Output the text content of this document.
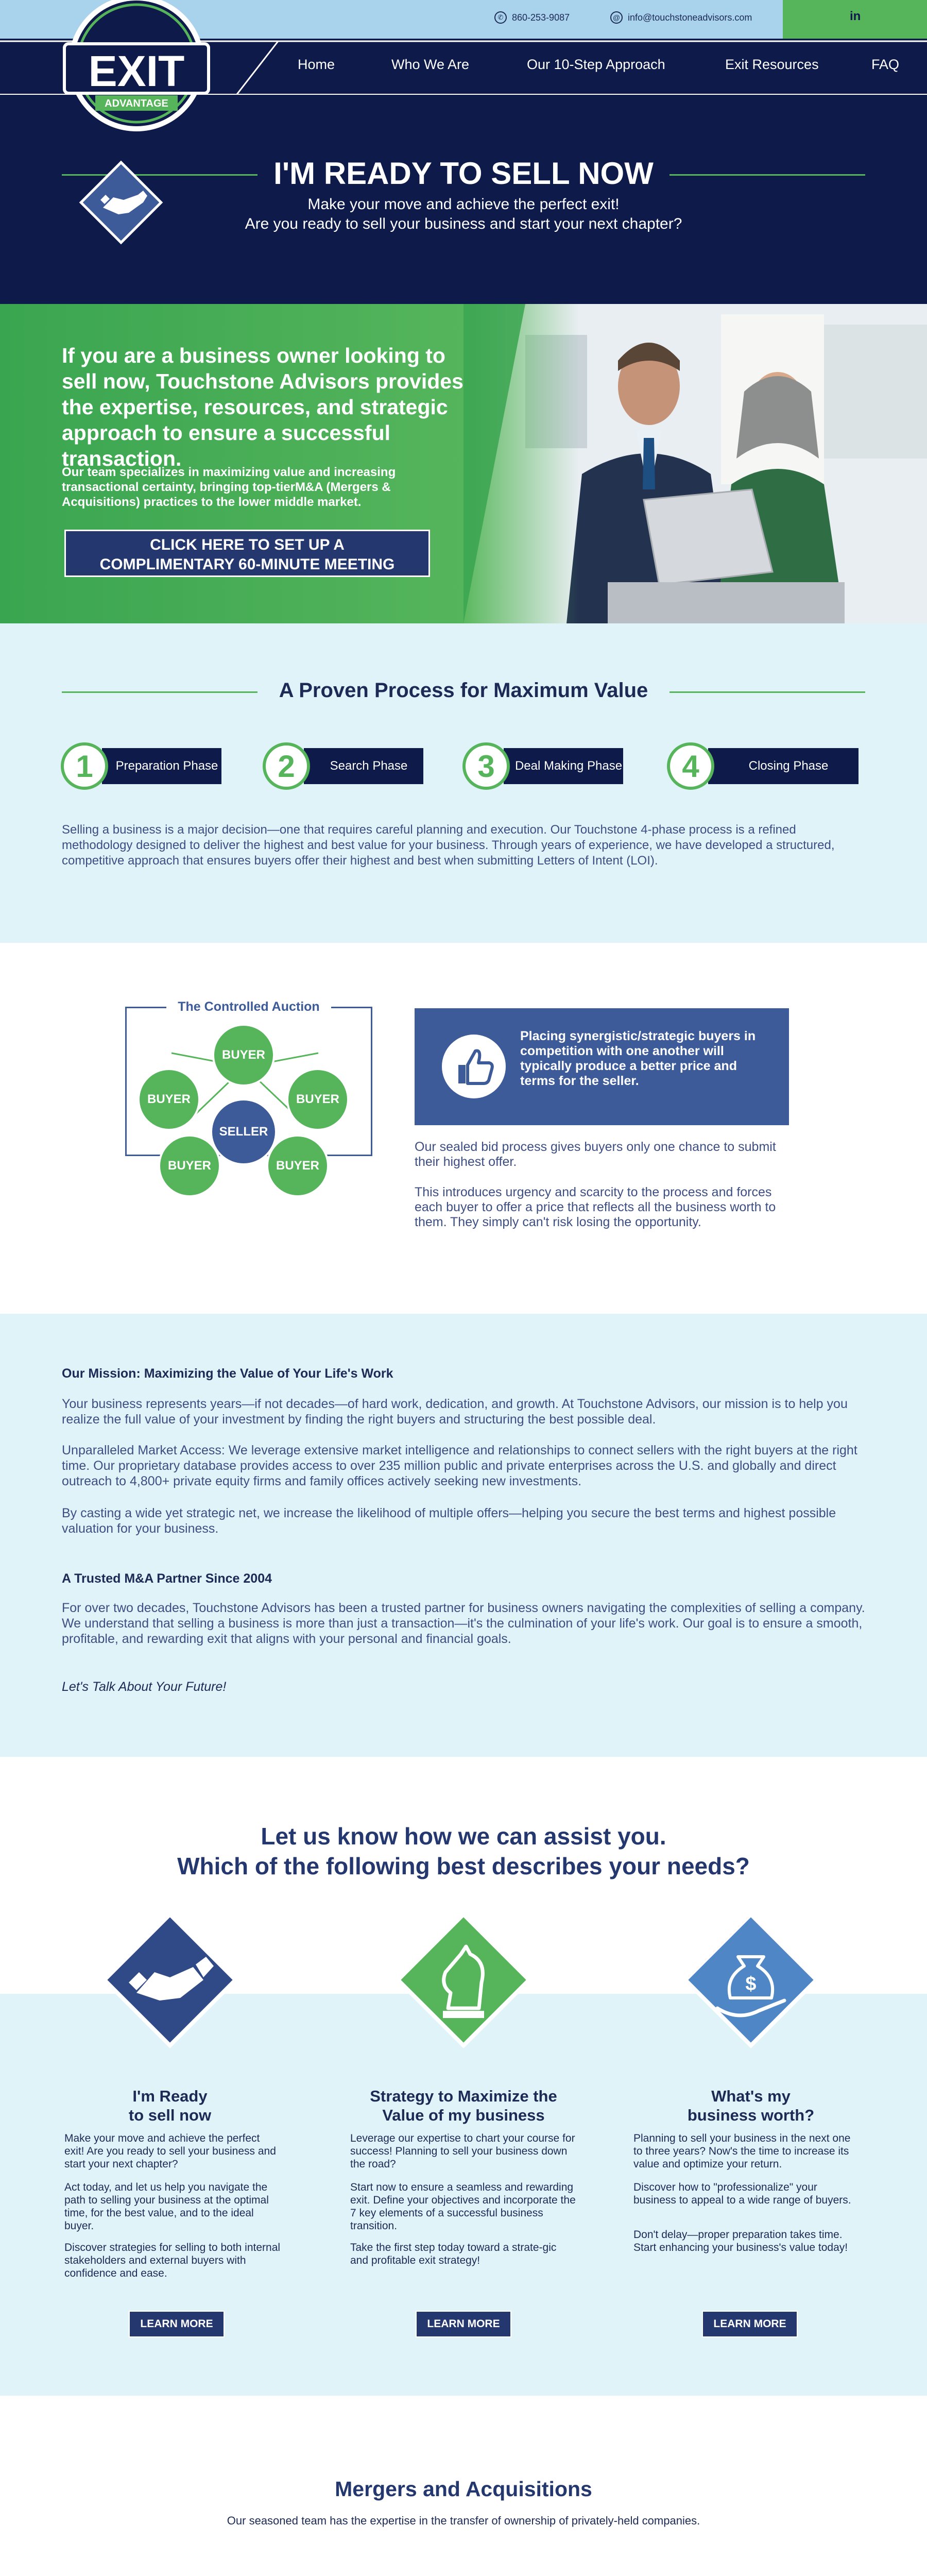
in
✆ 860-253-9087	@ info@touchstoneadvisors.com
Home	Who We Are	Our 10-Step Approach	Exit Resources	FAQ
I'M READY TO SELL NOW
Make your move and achieve the perfect exit!
Are you ready to sell your business and start your next chapter?
If you are a business owner looking to sell now, Touchstone Advisors provides the expertise, resources, and strategic approach to ensure a successful transaction.
Our team specializes in maximizing value and increasing transactional certainty, bringing top-tierM&A (Mergers & Acquisitions) practices to the lower middle market.
CLICK HERE TO SET UP A
COMPLIMENTARY 60-MINUTE MEETING
A Proven Process for Maximum Value
1	Preparation Phase	2	Search Phase	3	Deal Making Phase	4	Closing Phase
Selling a business is a major decision—one that requires careful planning and execution. Our Touchstone 4-phase process is a refined methodology designed to deliver the highest and best value for your business. Through years of experience, we have developed a structured, competitive approach that ensures buyers offer their highest and best when submitting Letters of Intent (LOI).
The Controlled Auction
BUYER
BUYER	BUYER
BUYER	BUYER
SELLER
Placing synergistic/strategic buyers in competition with one another will typically produce a better price and terms for the seller.
Our sealed bid process gives buyers only one chance to submit their highest offer.
This introduces urgency and scarcity to the process and forces each buyer to offer a price that reflects all the business worth to them. They simply can't risk losing the opportunity.
Our Mission: Maximizing the Value of Your Life's Work
Your business represents years—if not decades—of hard work, dedication, and growth. At Touchstone Advisors, our mission is to help you realize the full value of your investment by finding the right buyers and structuring the best possible deal.
Unparalleled Market Access: We leverage extensive market intelligence and relationships to connect sellers with the right buyers at the right time. Our proprietary database provides access to over 235 million public and private enterprises across the U.S. and globally and direct outreach to 4,800+ private equity firms and family offices actively seeking new investments.
By casting a wide yet strategic net, we increase the likelihood of multiple offers—helping you secure the best terms and highest possible valuation for your business.
A Trusted M&A Partner Since 2004
For over two decades, Touchstone Advisors has been a trusted partner for business owners navigating the complexities of selling a company. We understand that selling a business is more than just a transaction—it's the culmination of your life's work. Our goal is to ensure a smooth, profitable, and rewarding exit that aligns with your personal and financial goals.
Let's Talk About Your Future!
Let us know how we can assist you.
Which of the following best describes your needs?
$
I'm Ready
to sell now
Strategy to Maximize the
Value of my business
What's my
business worth?
Make your move and achieve the perfect exit! Are you ready to sell your business and start your next chapter?
Act today, and let us help you navigate the path to selling your business at the optimal time, for the best value, and to the ideal buyer.
Discover strategies for selling to both internal stakeholders and external buyers with confidence and ease.
Leverage our expertise to chart your course for success! Planning to sell your business down the road?
Start now to ensure a seamless and rewarding exit. Define your objectives and incorporate the 7 key elements of a successful business transition.
Take the first step today toward a strate-gic and profitable exit strategy!
Planning to sell your business in the next one to three years? Now's the time to increase its value and optimize your return.
Discover how to "professionalize" your business to appeal to a wide range of buyers.
Don't delay—proper preparation takes time. Start enhancing your business's value today!
LEARN MORE	LEARN MORE	LEARN MORE
Mergers and Acquisitions
Our seasoned team has the expertise in the transfer of ownership of privately-held companies.
EXIT
ADVANTAGE
